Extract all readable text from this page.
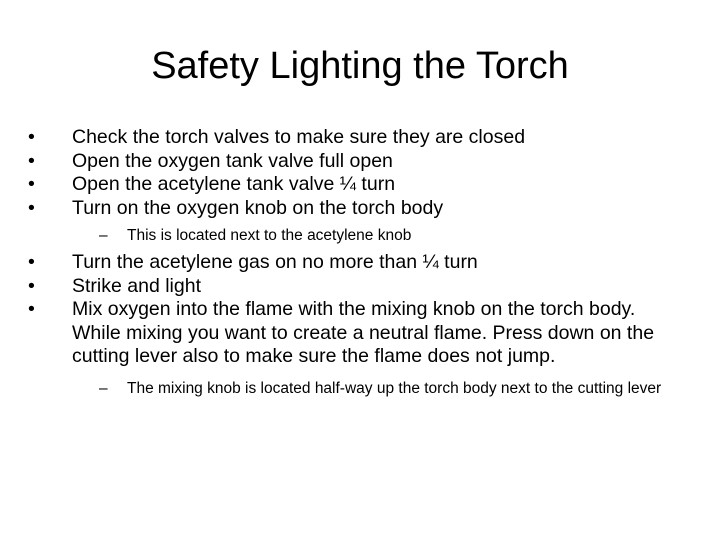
Safety Lighting the Torch
•	Check the torch valves to make sure they are closed
•	Open the oxygen tank valve full open
•	Open the acetylene tank valve ¼ turn
•	Turn on the oxygen knob on the torch body
– This is located next to the acetylene knob
•	Turn the acetylene gas on no more than ¼ turn
•	Strike and light
•	Mix oxygen into the flame with the mixing knob on the torch body. While mixing you want to create a neutral flame. Press down on the cutting lever also to make sure the flame does not jump.
– The mixing knob is located half-way up the torch body next to the cutting lever
